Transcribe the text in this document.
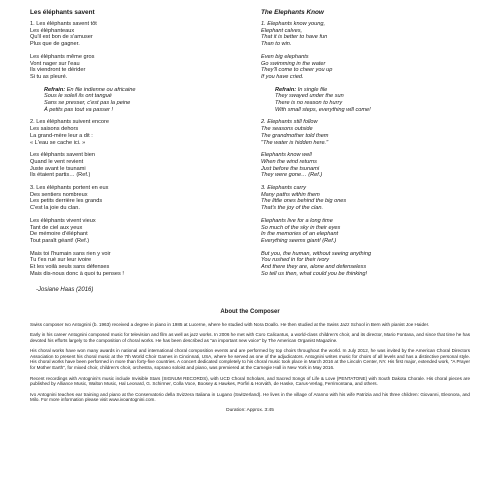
Les éléphants savent
1. Les éléphants savent tôt
Les éléphanteaux
Qu'il est bon de s'amuser
Plus que de gagner.
Les éléphants même gros
Vont nager sur l'eau
Ils viendront te dérider
Si tu as pleuré.
Refrain: En file indienne ou africaine
Sous le soleil ils ont tangué
Sans se presser, c'est pas la peine
À petits pas tout va passer !
2. Les éléphants suivent encore
Les saisons dehors
La grand-mère leur a dit :
« L'eau se cache ici. »
Les éléphants savent bien
Quand le vent revient
Juste avant le tsunami
Ils étaient partis… (Ref.)
3. Les éléphants portent en eux
Des sentiers nombreux
Les petits derrière les grands
C'est la joie du clan.
Les éléphants vivent vieux
Tant de ciel aux yeux
De mémoire d'éléphant
Tout paraît géant! (Ref.)
Mais toi l'humain sans rien y voir
Tu t'es rué sur leur ivoire
Et les voilà seuls sans défenses
Mais dis-nous donc à quoi tu penses !
-Josiane Haas (2016)
The Elephants Know
1. Elephants know young,
Elephant calves,
That it is better to have fun
Than to win.
Even big elephants
Go swimming in the water
They'll come to cheer you up
If you have cried.
Refrain: In single file
They swayed under the sun
There is no reason to hurry
With small steps, everything will come!
2. Elephants still follow
The seasons outside
The grandmother told them
"The water is hidden here."
Elephants know well
When the wind returns
Just before the tsunami
They were gone… (Ref.)
3. Elephants carry
Many paths within them
The little ones behind the big ones
That's the joy of the clan.
Elephants live for a long time
So much of the sky in their eyes
In the memories of an elephant
Everything seems giant! (Ref.)
But you, the human, without seeing anything
You rushed in for their ivory
And there they are, alone and defenseless
So tell us then, what could you be thinking!
About the Composer

Swiss composer Ivo Antognini (b. 1963) received a degree in piano in 1985 at Lucerne, where he studied with Nora Doallo. He then studied at the Swiss Jazz School in Bern with pianist Joe Haider.

Early in his career Antognini composed music for television and film as well as jazz works. In 2006 he met with Coro Calicantus, a world-class children's choir, and its director, Mario Fontana, and since that time he has devoted his efforts largely to the composition of choral works. He has been described as "an important new voice" by The American Organist Magazine.

His choral works have won many awards in national and international choral composition events and are performed by top choirs throughout the world. In July 2012, he was invited by the American Choral Directors Association to present his choral music at the 7th World Choir Games in Cincinnati, USA, where he served as one of the adjudicators. Antognini writes music for choirs of all levels and has a distinctive personal style. His choral works have been performed in more than forty-five countries. A concert dedicated completely to his choral music took place in March 2016 at the Lincoln Center, NY. His first major, extended work, "A Prayer for Mother Earth", for mixed choir, children's choir, orchestra, soprano soloist and piano, was premiered at the Carnegie Hall in New York in May 2016.

Recent recordings with Antognini's music include Invisible Stars (SIGNUM RECORDS), with UCD Choral Scholars, and Sacred Songs of Life & Love (PENTATONE) with South Dakota Chorale. His choral pieces are published by Alliance Music, Walton Music, Hal Leonard, G. Schirmer, Colla Voce, Boosey & Hawkes, Porfiri & Horváth, de Haske, Carus-Verlag, Ferrimontana, and others.

Ivo Antognini teaches ear training and piano at the Conservatorio della Svizzera Italiana in Lugano (Switzerland). He lives in the village of Aranno with his wife Patrizia and his three children: Giovanni, Eleonora, and Milo. For more information please visit www.ivoantognini.com.

Duration: Approx. 3:45
